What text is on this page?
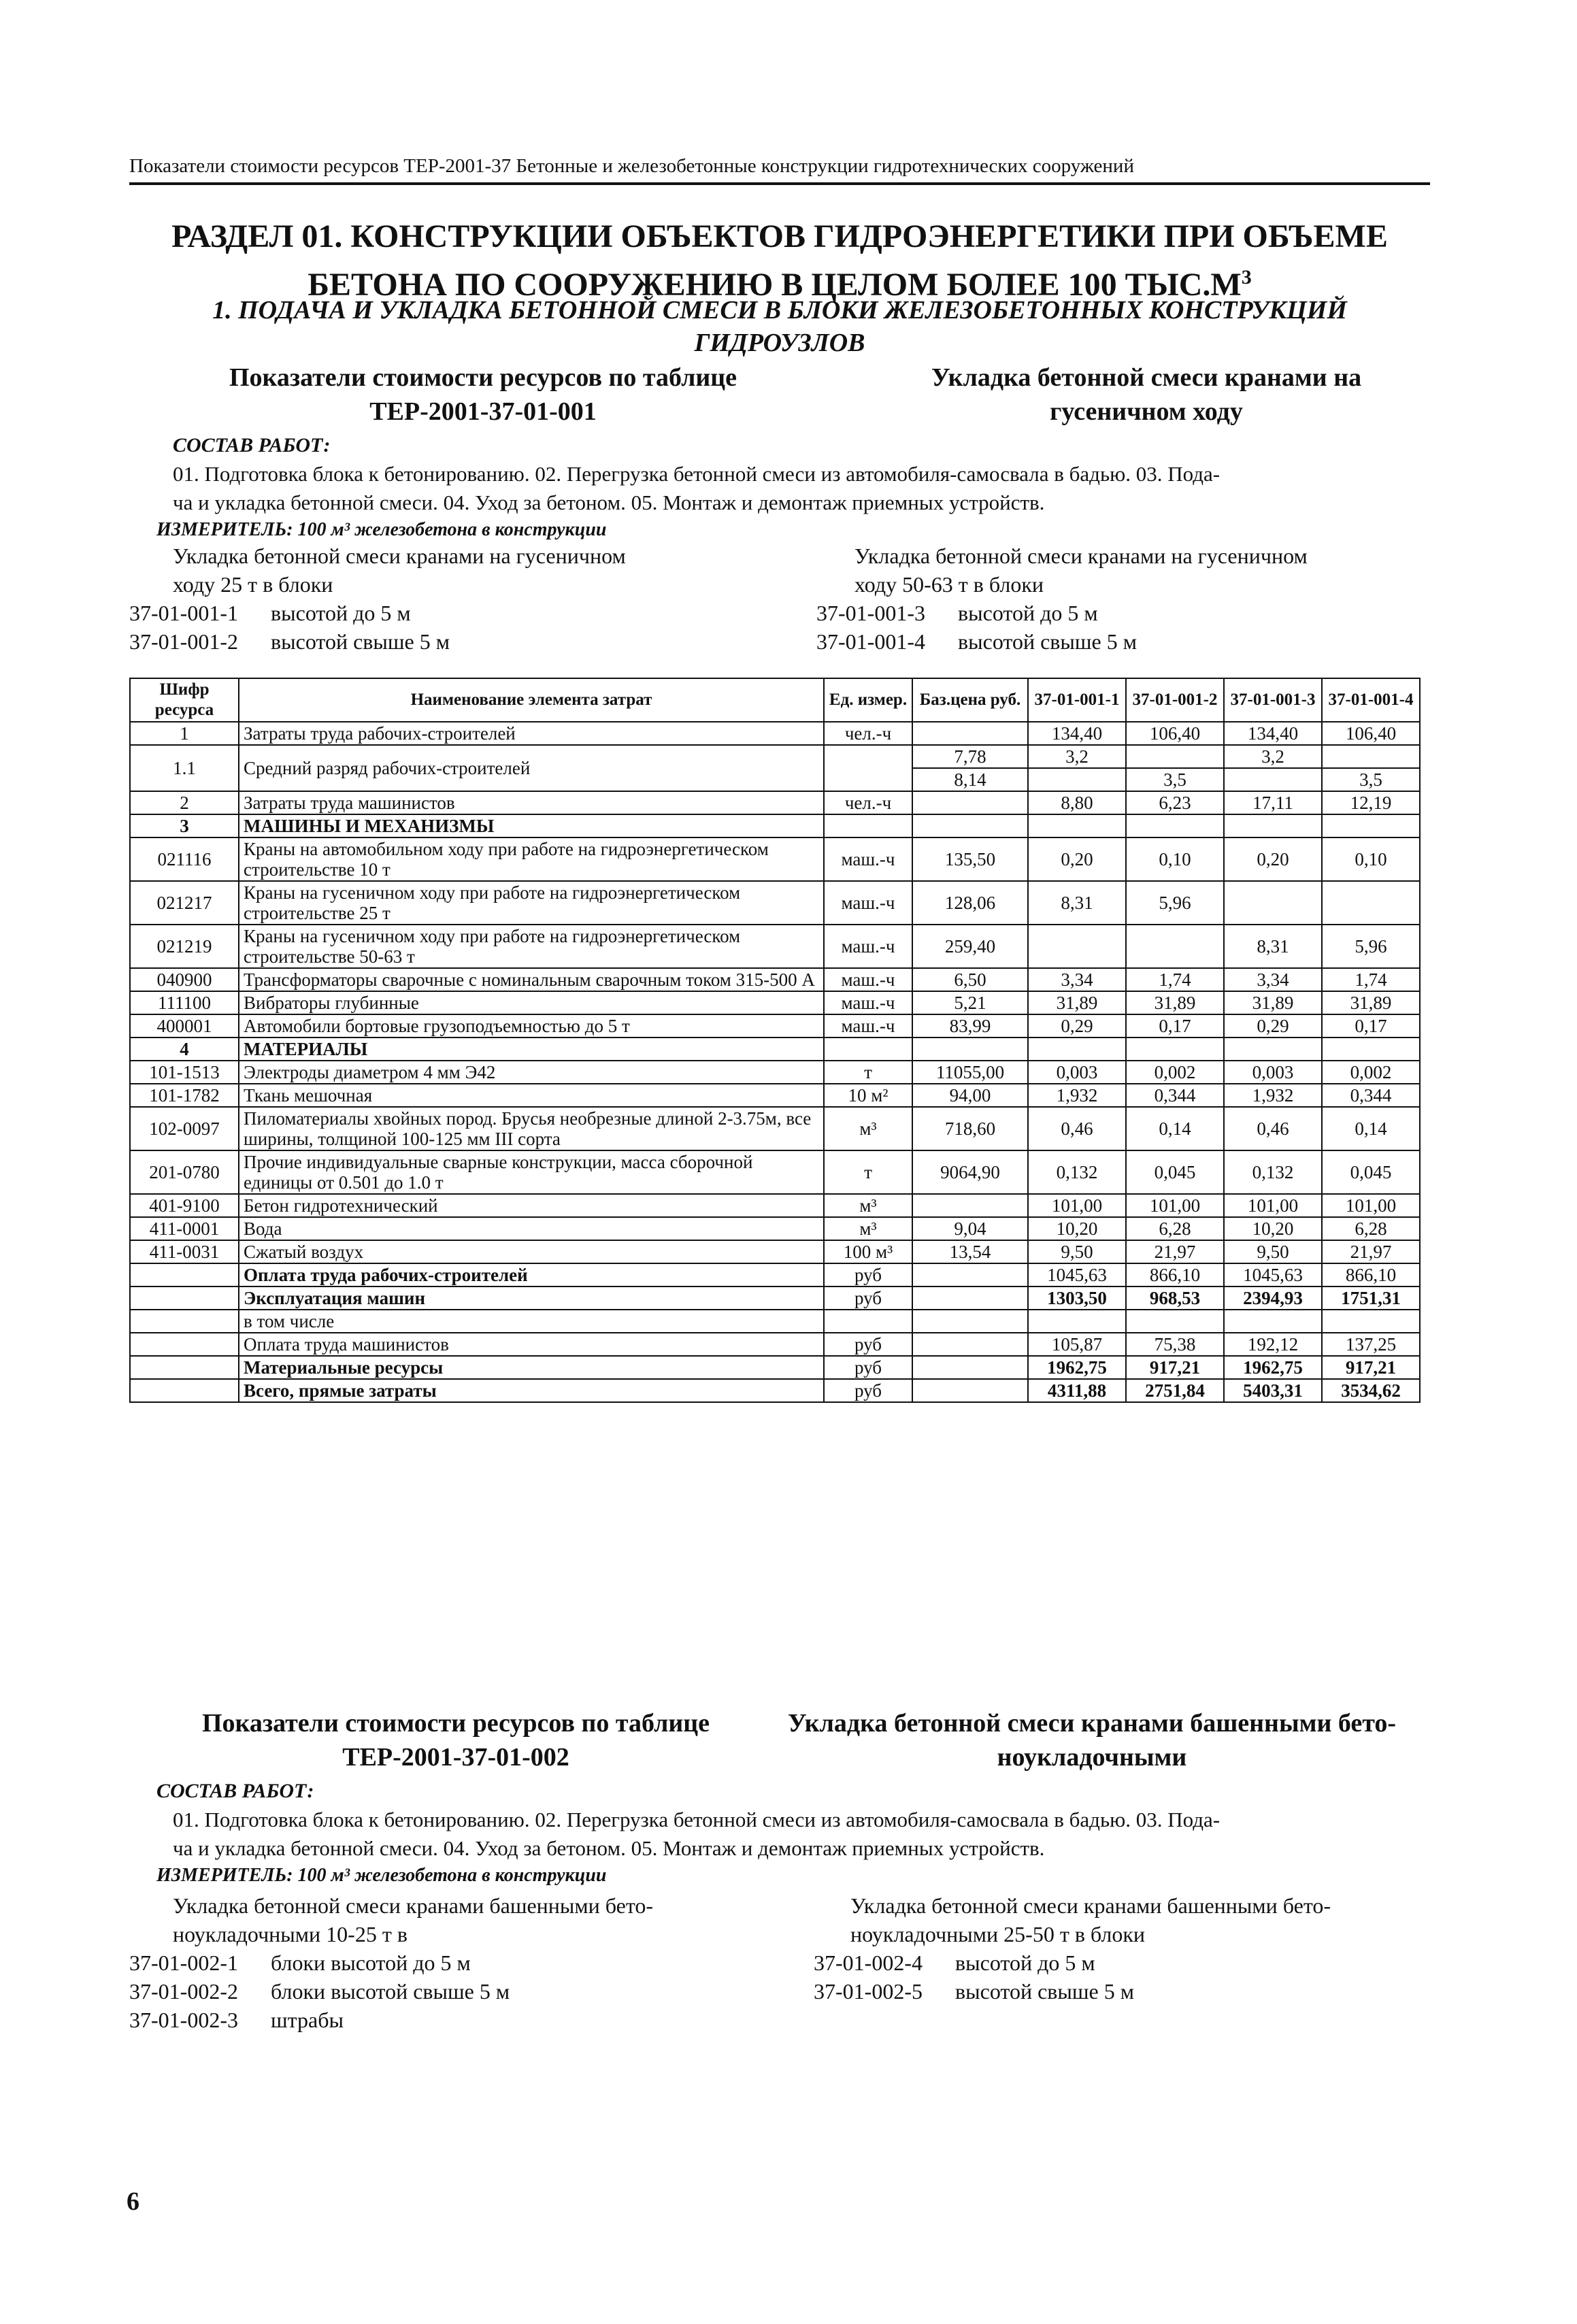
Показатели стоимости ресурсов ТЕР-2001-37 Бетонные и железобетонные конструкции гидротехнических сооружений
РАЗДЕЛ 01. КОНСТРУКЦИИ ОБЪЕКТОВ ГИДРОЭНЕРГЕТИКИ ПРИ ОБЪЕМЕ
БЕТОНА ПО СООРУЖЕНИЮ В ЦЕЛОМ БОЛЕЕ 100 $ТЫС.М^3$
1. ПОДАЧА И УКЛАДКА БЕТОННОЙ СМЕСИ В БЛОКИ ЖЕЛЕЗОБЕТОННЫХ КОНСТРУКЦИЙ
ГИДРОУЗЛОВ
Показатели стоимости ресурсов по таблице
ТЕР-2001-37-01-001
Укладка бетонной смеси кранами на
гусеничном ходу
СОСТАВ РАБОТ:
01. Подготовка блока к бетонированию. 02. Перегрузка бетонной смеси из автомобиля-самосвала в бадью. 03. Пода-
ча и укладка бетонной смеси. 04. Уход за бетоном. 05. Монтаж и демонтаж приемных устройств.
ИЗМЕРИТЕЛЬ: 100 м³ железобетона в конструкции
Укладка бетонной смеси кранами на гусеничном
ходу 25 т в блоки
Укладка бетонной смеси кранами на гусеничном
ходу 50-63 т в блоки
37-01-001-1 высотой до 5 м
37-01-001-2 высотой свыше 5 м
37-01-001-3 высотой до 5 м
37-01-001-4 высотой свыше 5 м
Шифр ресурса	Наименование элемента затрат	Ед. измер.	Баз.цена руб.	37-01-001-1	37-01-001-2	37-01-001-3	37-01-001-4
1	Затраты труда рабочих-строителей	чел.-ч		134,40	106,40	134,40	106,40
1.1	Средний разряд рабочих-строителей		7,78	3,2		3,2	
			8,14		3,5		3,5
2	Затраты труда машинистов	чел.-ч		8,80	6,23	17,11	12,19
3	МАШИНЫ И МЕХАНИЗМЫ						
021116	Краны на автомобильном ходу при работе на гидроэнергетическом строительстве 10 т	маш.-ч	135,50	0,20	0,10	0,20	0,10
021217	Краны на гусеничном ходу при работе на гидроэнергетическом строительстве 25 т	маш.-ч	128,06	8,31	5,96		
021219	Краны на гусеничном ходу при работе на гидроэнергетическом строительстве 50-63 т	маш.-ч	259,40			8,31	5,96
040900	Трансформаторы сварочные с номинальным сварочным током 315-500 А	маш.-ч	6,50	3,34	1,74	3,34	1,74
111100	Вибраторы глубинные	маш.-ч	5,21	31,89	31,89	31,89	31,89
400001	Автомобили бортовые грузоподъемностью до 5 т	маш.-ч	83,99	0,29	0,17	0,29	0,17
4	МАТЕРИАЛЫ						
101-1513	Электроды диаметром 4 мм Э42	т	11055,00	0,003	0,002	0,003	0,002
101-1782	Ткань мешочная	10 м²	94,00	1,932	0,344	1,932	0,344
102-0097	Пиломатериалы хвойных пород. Брусья необрезные длиной 2-3.75м, все ширины, толщиной 100-125 мм III сорта	м³	718,60	0,46	0,14	0,46	0,14
201-0780	Прочие индивидуальные сварные конструкции, масса сборочной единицы от 0.501 до 1.0 т	т	9064,90	0,132	0,045	0,132	0,045
401-9100	Бетон гидротехнический	м³		101,00	101,00	101,00	101,00
411-0001	Вода	м³	9,04	10,20	6,28	10,20	6,28
411-0031	Сжатый воздух	100 м³	13,54	9,50	21,97	9,50	21,97
	Оплата труда рабочих-строителей	руб		1045,63	866,10	1045,63	866,10
	Эксплуатация машин	руб		1303,50	968,53	2394,93	1751,31
	в том числе						
	Оплата труда машинистов	руб		105,87	75,38	192,12	137,25
	Материальные ресурсы	руб		1962,75	917,21	1962,75	917,21
	Всего, прямые затраты	руб		4311,88	2751,84	5403,31	3534,62
Показатели стоимости ресурсов по таблице
ТЕР-2001-37-01-002
Укладка бетонной смеси кранами башенными бето-
ноукладочными
СОСТАВ РАБОТ:
01. Подготовка блока к бетонированию. 02. Перегрузка бетонной смеси из автомобиля-самосвала в бадью. 03. Пода-
ча и укладка бетонной смеси. 04. Уход за бетоном. 05. Монтаж и демонтаж приемных устройств.
ИЗМЕРИТЕЛЬ: 100 м³ железобетона в конструкции
Укладка бетонной смеси кранами башенными бето-
ноукладочными 10-25 т в
Укладка бетонной смеси кранами башенными бето-
ноукладочными 25-50 т в блоки
37-01-002-1 блоки высотой до 5 м
37-01-002-2 блоки высотой свыше 5 м
37-01-002-3 штрабы
37-01-002-4 высотой до 5 м
37-01-002-5 высотой свыше 5 м
6
